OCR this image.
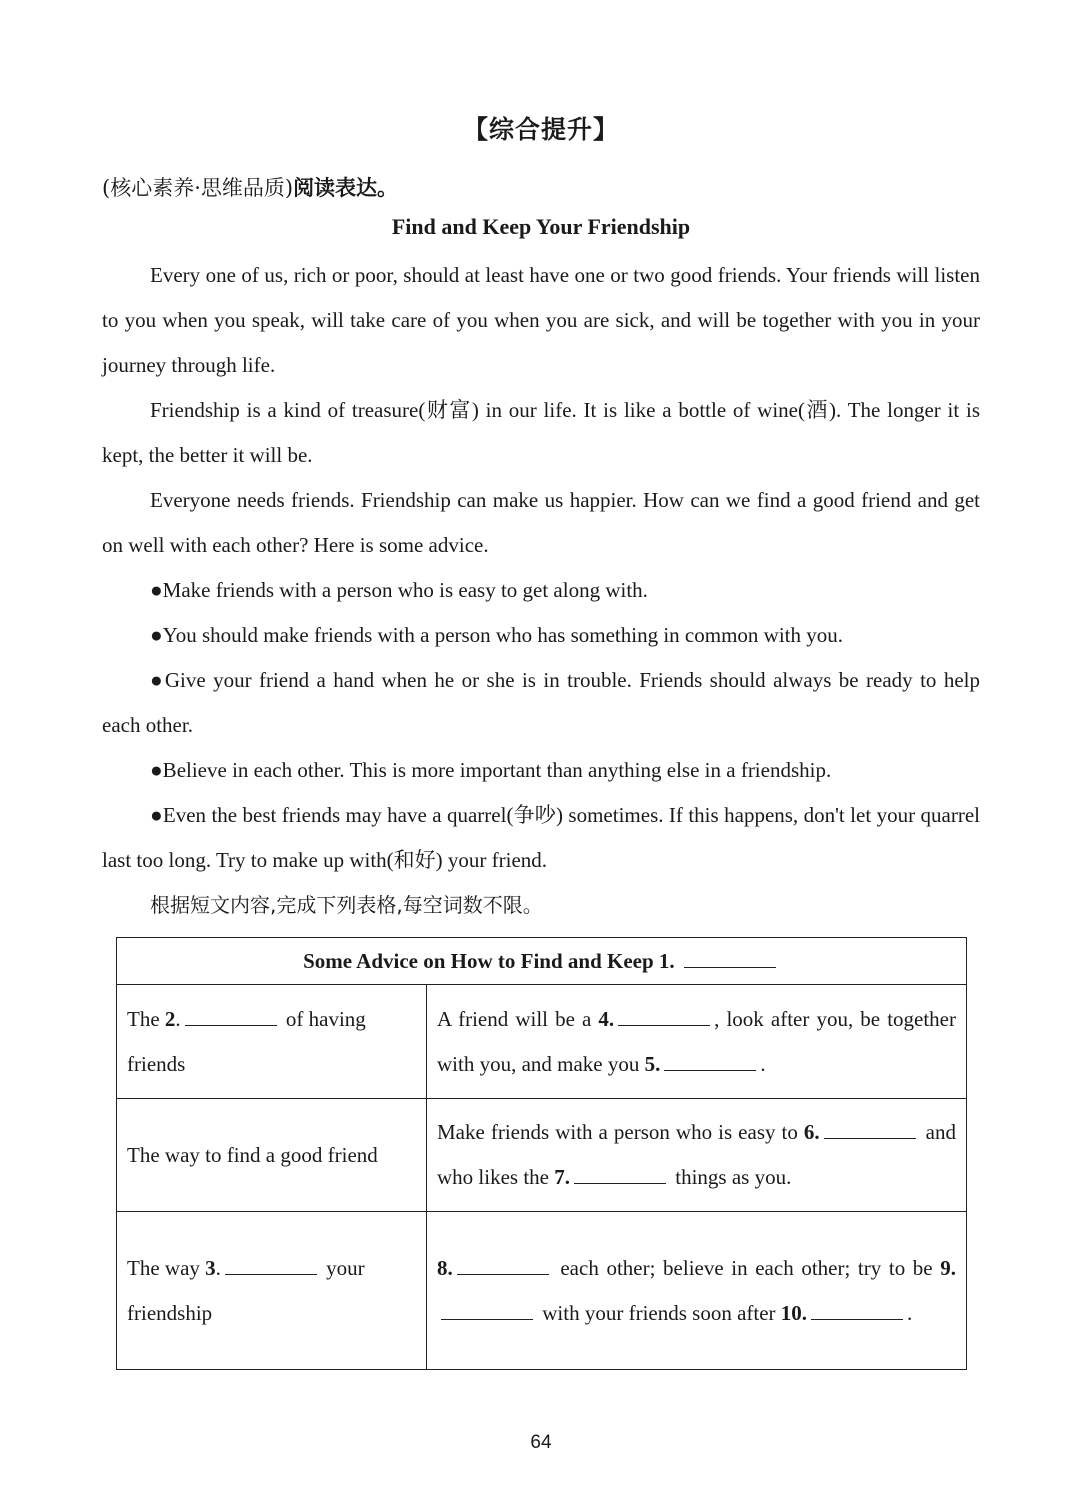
【综合提升】
(核心素养·思维品质)阅读表达。
Find and Keep Your Friendship

Every one of us, rich or poor, should at least have one or two good friends. Your friends will listen to you when you speak, will take care of you when you are sick, and will be together with you in your journey through life.

Friendship is a kind of treasure(财富) in our life. It is like a bottle of wine(酒). The longer it is kept, the better it will be.

Everyone needs friends. Friendship can make us happier. How can we find a good friend and get on well with each other? Here is some advice.

●Make friends with a person who is easy to get along with.

●You should make friends with a person who has something in common with you.

●Give your friend a hand when he or she is in trouble. Friends should always be ready to help each other.

●Believe in each other. This is more important than anything else in a friendship.

●Even the best friends may have a quarrel(争吵) sometimes. If this happens, don't let your quarrel last too long. Try to make up with(和好) your friend.

根据短文内容,完成下列表格,每空词数不限。

Some Advice on How to Find and Keep 1.	
The 2. of having friends	A friend will be a 4. , look after you, be together with you, and make you 5. .
The way to find a good friend	Make friends with a person who is easy to 6. and who likes the 7. things as you.
The way 3. your friendship	8. each other; believe in each other; try to be 9. with your friends soon after 10. .
64
